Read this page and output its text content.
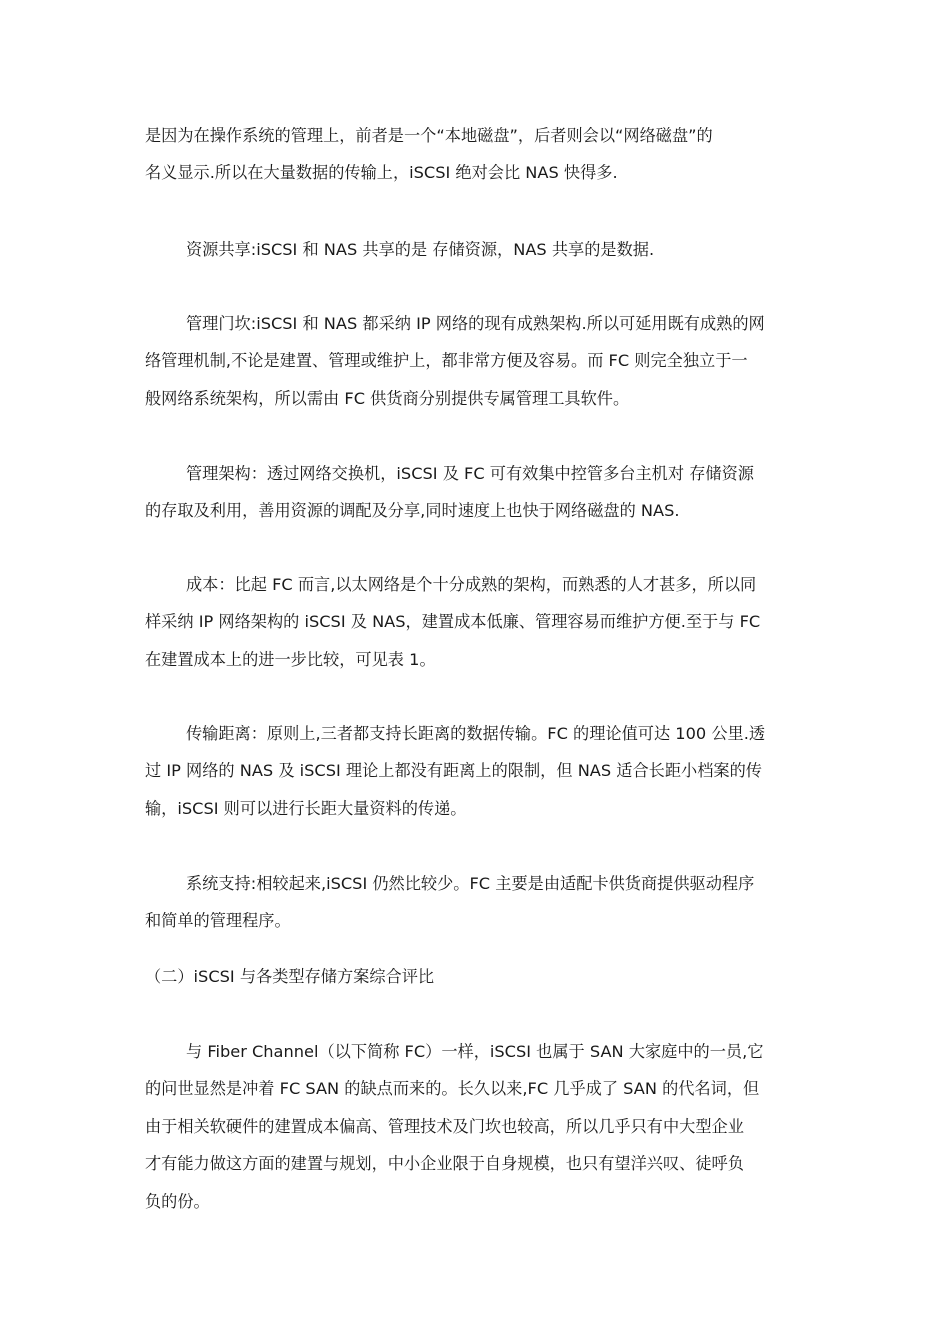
是因为在操作系统的管理上，前者是一个“本地磁盘”，后者则会以“网络磁盘”的
名义显示.所以在大量数据的传输上，iSCSI 绝对会比 NAS 快得多.
资源共享:iSCSI 和 NAS 共享的是 存储资源，NAS 共享的是数据.
管理门坎:iSCSI 和 NAS 都采纳 IP 网络的现有成熟架构.所以可延用既有成熟的网
络管理机制,不论是建置、管理或维护上，都非常方便及容易。而 FC 则完全独立于一
般网络系统架构，所以需由 FC 供货商分别提供专属管理工具软件。
管理架构：透过网络交换机，iSCSI 及 FC 可有效集中控管多台主机对 存储资源
的存取及利用，善用资源的调配及分享,同时速度上也快于网络磁盘的 NAS.
成本：比起 FC 而言,以太网络是个十分成熟的架构，而熟悉的人才甚多，所以同
样采纳 IP 网络架构的 iSCSI 及 NAS，建置成本低廉、管理容易而维护方便.至于与 FC
在建置成本上的进一步比较，可见表 1。
传输距离：原则上,三者都支持长距离的数据传输。FC 的理论值可达 100 公里.透
过 IP 网络的 NAS 及 iSCSI 理论上都没有距离上的限制，但 NAS 适合长距小档案的传
输，iSCSI 则可以进行长距大量资料的传递。
系统支持:相较起来,iSCSI 仍然比较少。FC 主要是由适配卡供货商提供驱动程序
和简单的管理程序。
（二）iSCSI 与各类型存储方案综合评比
与 Fiber Channel（以下简称 FC）一样，iSCSI 也属于 SAN 大家庭中的一员,它
的问世显然是冲着 FC SAN 的缺点而来的。长久以来,FC 几乎成了 SAN 的代名词，但
由于相关软硬件的建置成本偏高、管理技术及门坎也较高，所以几乎只有中大型企业
才有能力做这方面的建置与规划，中小企业限于自身规模，也只有望洋兴叹、徒呼负
负的份。
